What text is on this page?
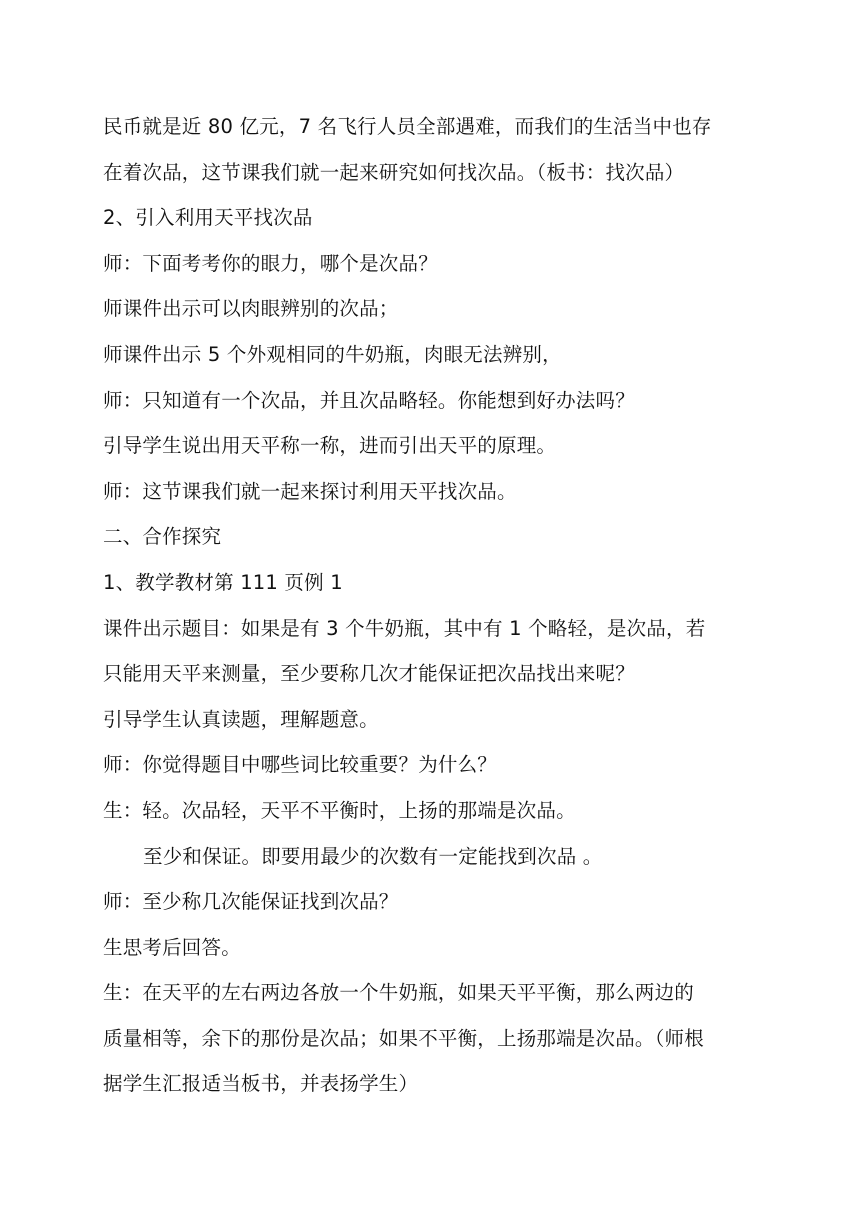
民币就是近 80 亿元，7 名飞行人员全部遇难，而我们的生活当中也存
在着次品，这节课我们就一起来研究如何找次品。（板书：找次品）
2、引入利用天平找次品
师：下面考考你的眼力，哪个是次品？
师课件出示可以肉眼辨别的次品；
师课件出示 5 个外观相同的牛奶瓶，肉眼无法辨别，
师：只知道有一个次品，并且次品略轻。你能想到好办法吗？
引导学生说出用天平称一称，进而引出天平的原理。
师：这节课我们就一起来探讨利用天平找次品。
二、合作探究
1、教学教材第 111 页例 1
课件出示题目：如果是有 3 个牛奶瓶，其中有 1 个略轻，是次品，若
只能用天平来测量，至少要称几次才能保证把次品找出来呢？
引导学生认真读题，理解题意。
师：你觉得题目中哪些词比较重要？为什么？
生：轻。次品轻，天平不平衡时，上扬的那端是次品。
至少和保证。即要用最少的次数有一定能找到次品 。
师：至少称几次能保证找到次品？
生思考后回答。
生：在天平的左右两边各放一个牛奶瓶，如果天平平衡，那么两边的
质量相等，余下的那份是次品；如果不平衡，上扬那端是次品。（师根
据学生汇报适当板书，并表扬学生）
